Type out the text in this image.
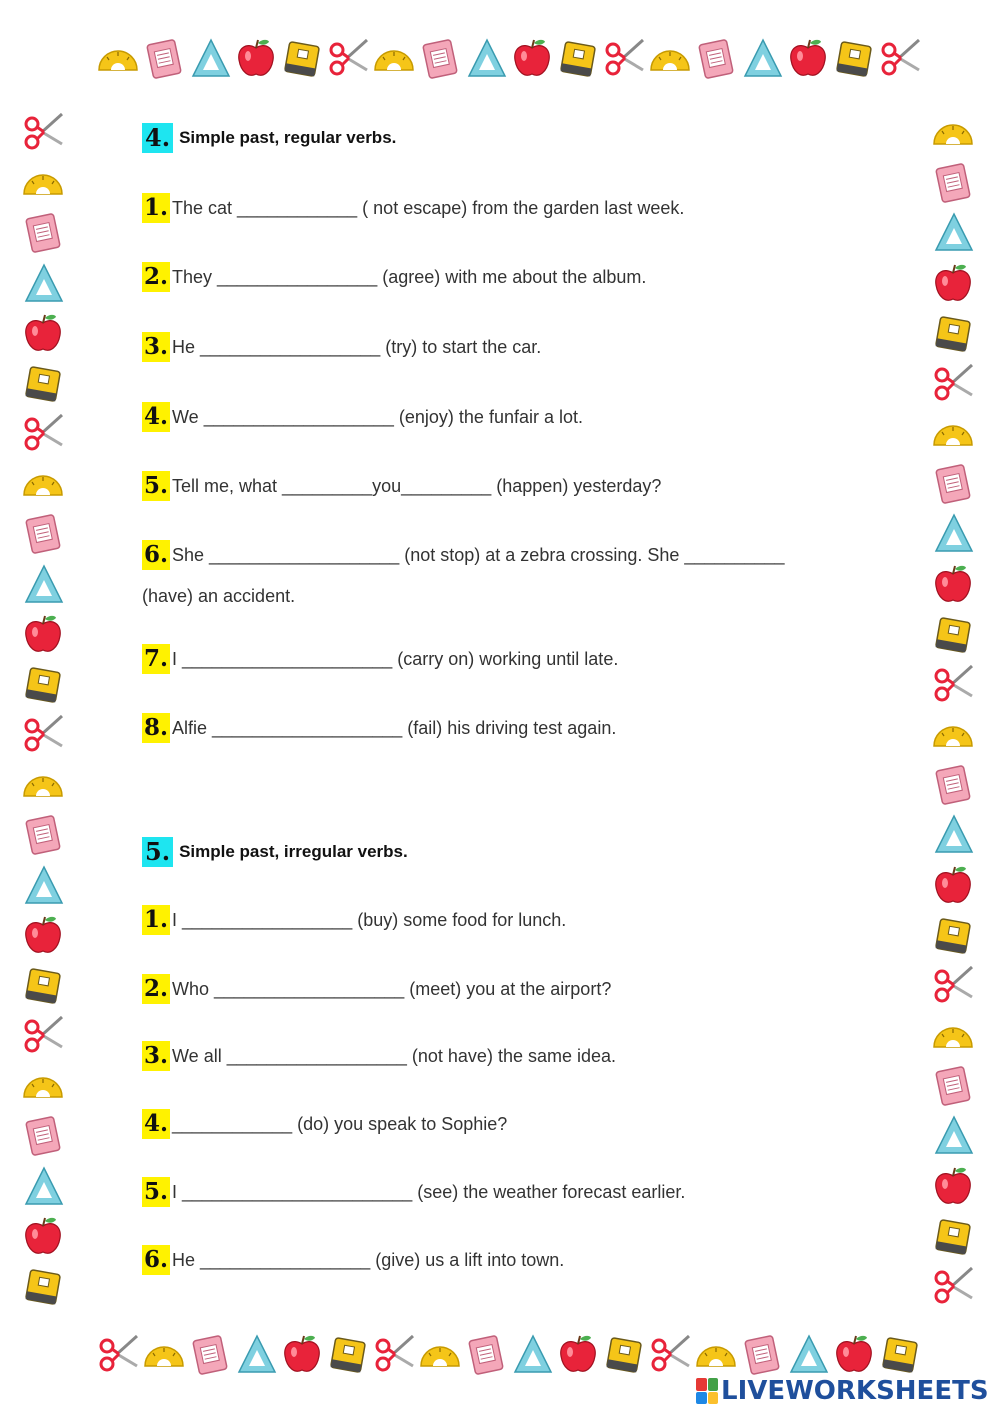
4. Simple past, regular verbs.
1. The cat ____________ ( not escape) from the garden last week.
2. They ________________ (agree) with me about the album.
3. He __________________ (try) to start the car.
4. We ___________________ (enjoy) the funfair a lot.
5. Tell me, what _________you_________ (happen) yesterday?
6. She ___________________ (not stop) at a zebra crossing. She __________
(have) an accident.
7. I _____________________ (carry on) working until late.
8. Alfie ___________________ (fail) his driving test again.
5. Simple past, irregular verbs.
1. I _________________ (buy) some food for lunch.
2. Who ___________________ (meet) you at the airport?
3. We all __________________ (not have) the same idea.
4. ____________ (do) you speak to Sophie?
5. I _______________________ (see) the weather forecast earlier.
6. He _________________ (give) us a lift into town.
LIVEWORKSHEETS
